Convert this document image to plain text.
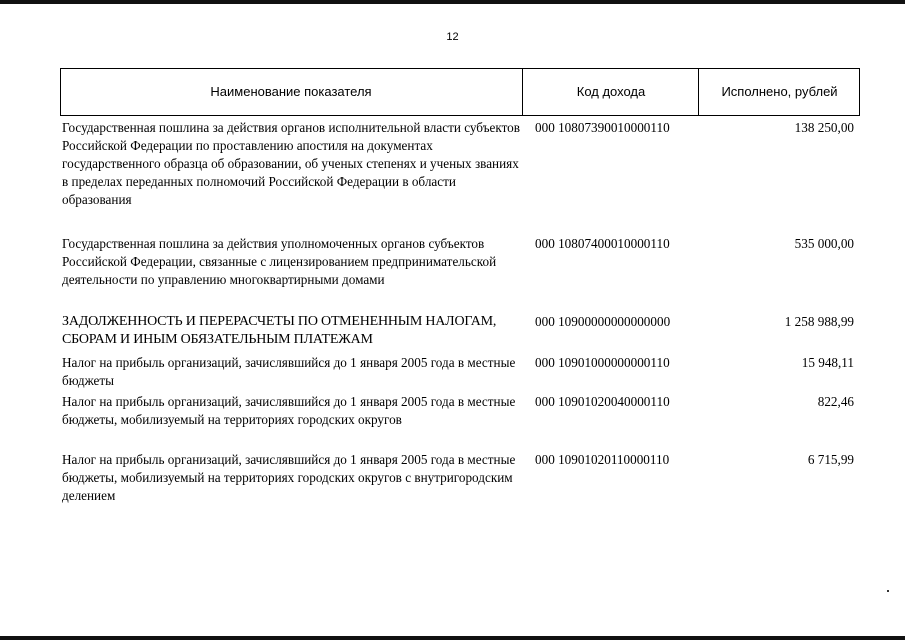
12
Наименование показателя	Код дохода	Исполнено, рублей
Государственная пошлина за действия органов исполнительной власти субъектов Российской Федерации по проставлению апостиля на документах государственного образца об образовании, об ученых степенях и ученых званиях в пределах переданных полномочий Российской Федерации в области образования
000 10807390010000110	138 250,00
Государственная пошлина за действия уполномоченных органов субъектов Российской Федерации, связанные с лицензированием предпринимательской деятельности по управлению многоквартирными домами
000 10807400010000110	535 000,00
ЗАДОЛЖЕННОСТЬ И ПЕРЕРАСЧЕТЫ ПО ОТМЕНЕННЫМ НАЛОГАМ, СБОРАМ И ИНЫМ ОБЯЗАТЕЛЬНЫМ ПЛАТЕЖАМ
000 10900000000000000	1 258 988,99
Налог на прибыль организаций, зачислявшийся до 1 января 2005 года в местные бюджеты
000 10901000000000110	15 948,11
Налог на прибыль организаций, зачислявшийся до 1 января 2005 года в местные бюджеты, мобилизуемый на территориях городских округов
000 10901020040000110	822,46
Налог на прибыль организаций, зачислявшийся до 1 января 2005 года в местные бюджеты, мобилизуемый на территориях городских округов с внутригородским делением
000 10901020110000110	6 715,99
